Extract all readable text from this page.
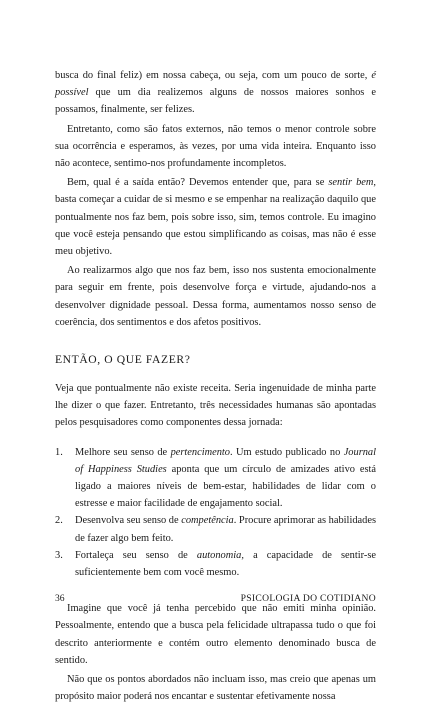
busca do final feliz) em nossa cabeça, ou seja, com um pouco de sorte, é possível que um dia realizemos alguns de nossos maiores sonhos e possamos, finalmente, ser felizes.

Entretanto, como são fatos externos, não temos o menor controle sobre sua ocorrência e esperamos, às vezes, por uma vida inteira. Enquanto isso não acontece, sentimo-nos profundamente incompletos.

Bem, qual é a saída então? Devemos entender que, para se sentir bem, basta começar a cuidar de si mesmo e se empenhar na realização daquilo que pontualmente nos faz bem, pois sobre isso, sim, temos controle. Eu imagino que você esteja pensando que estou simplificando as coisas, mas não é esse meu objetivo.

Ao realizarmos algo que nos faz bem, isso nos sustenta emocionalmente para seguir em frente, pois desenvolve força e virtude, ajudando-nos a desenvolver dignidade pessoal. Dessa forma, aumentamos nosso senso de coerência, dos sentimentos e dos afetos positivos.

ENTÃO, O QUE FAZER?

Veja que pontualmente não existe receita. Seria ingenuidade de minha parte lhe dizer o que fazer. Entretanto, três necessidades humanas são apontadas pelos pesquisadores como componentes dessa jornada:

1. Melhore seu senso de pertencimento. Um estudo publicado no Journal of Happiness Studies aponta que um círculo de amizades ativo está ligado a maiores níveis de bem-estar, habilidades de lidar com o estresse e maior facilidade de engajamento social.
2. Desenvolva seu senso de competência. Procure aprimorar as habilidades de fazer algo bem feito.
3. Fortaleça seu senso de autonomia, a capacidade de sentir-se suficientemente bem com você mesmo.

Imagine que você já tenha percebido que não emiti minha opinião. Pessoalmente, entendo que a busca pela felicidade ultrapassa tudo o que foi descrito anteriormente e contém outro elemento denominado busca de sentido.

Não que os pontos abordados não incluam isso, mas creio que apenas um propósito maior poderá nos encantar e sustentar efetivamente nossa

36	PSICOLOGIA DO COTIDIANO
